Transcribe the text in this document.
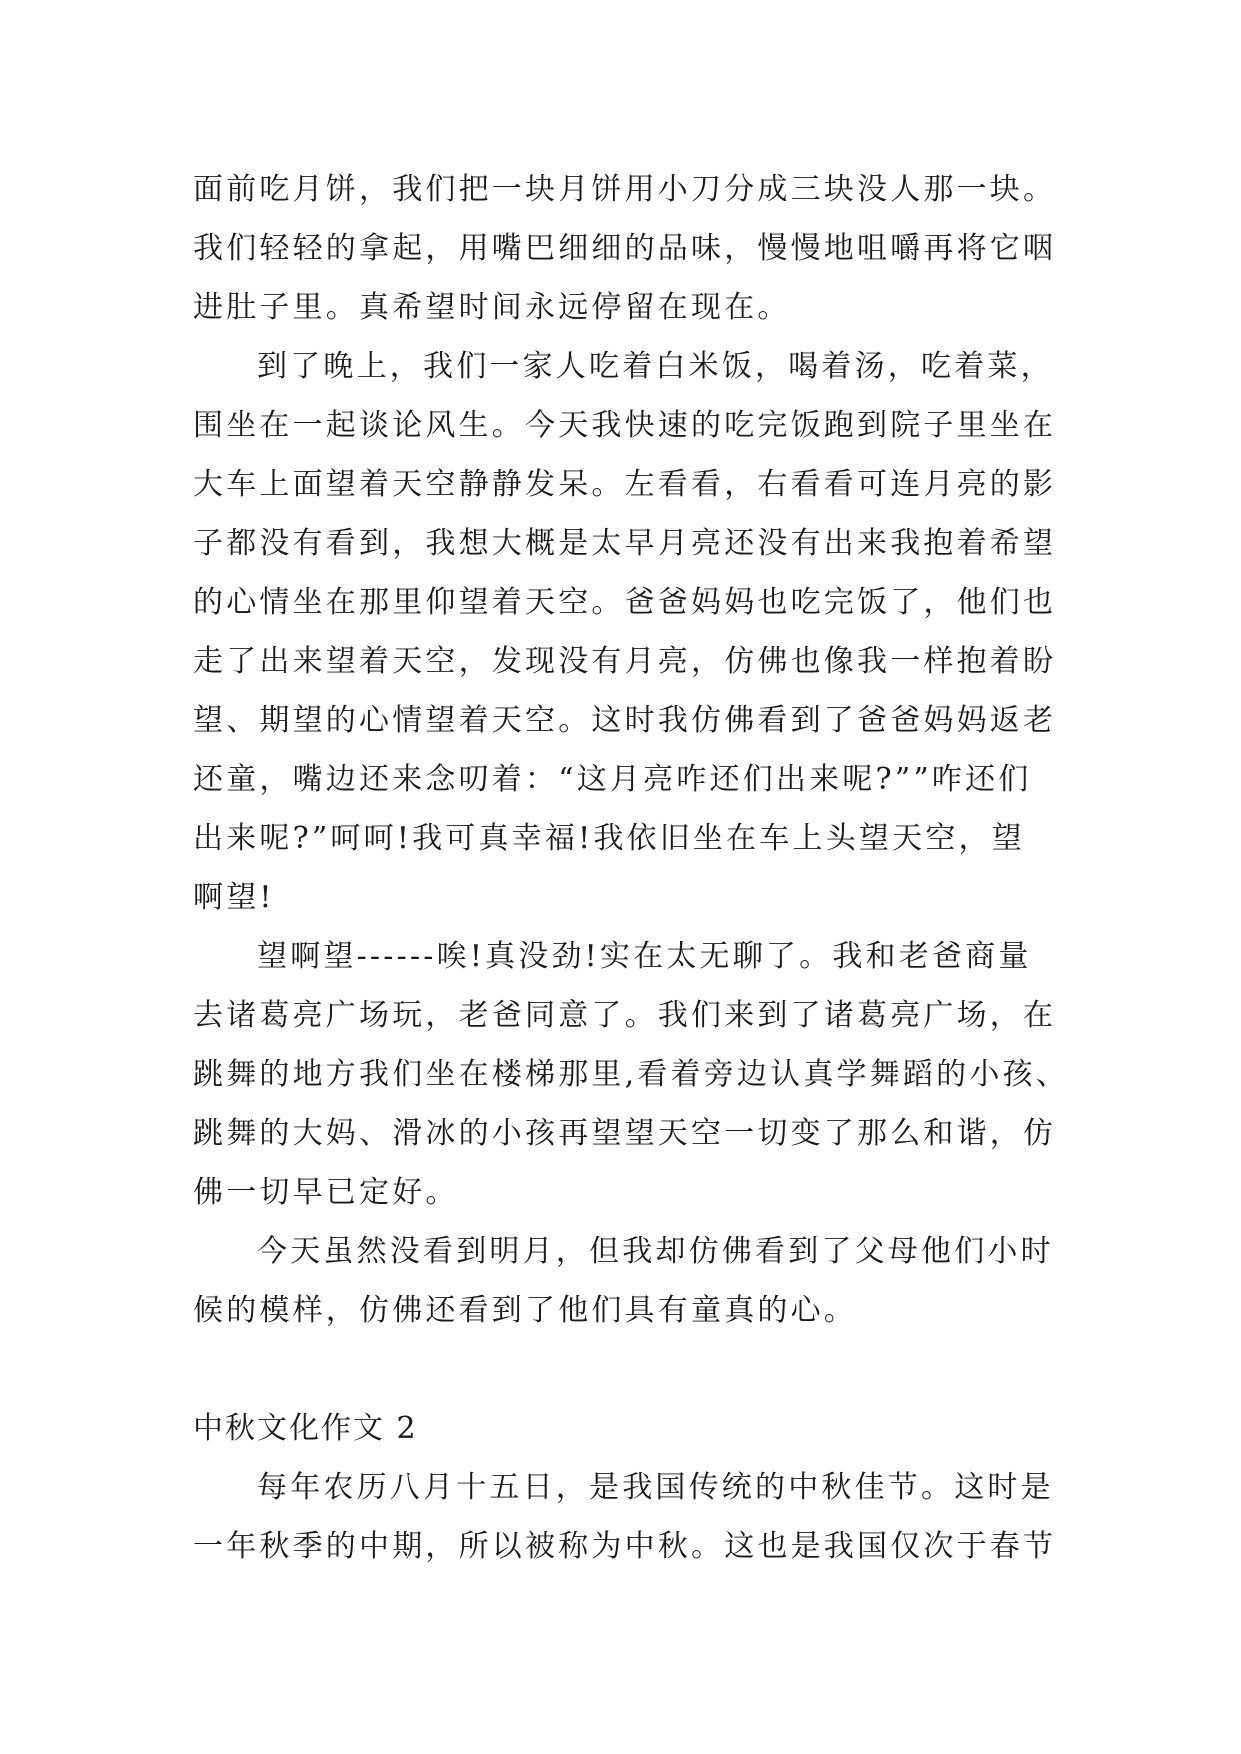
面前吃月饼，我们把一块月饼用小刀分成三块没人那一块。
我们轻轻的拿起，用嘴巴细细的品味，慢慢地咀嚼再将它咽
进肚子里。真希望时间永远停留在现在。
到了晚上，我们一家人吃着白米饭，喝着汤，吃着菜，
围坐在一起谈论风生。今天我快速的吃完饭跑到院子里坐在
大车上面望着天空静静发呆。左看看，右看看可连月亮的影
子都没有看到，我想大概是太早月亮还没有出来我抱着希望
的心情坐在那里仰望着天空。爸爸妈妈也吃完饭了，他们也
走了出来望着天空，发现没有月亮，仿佛也像我一样抱着盼
望、期望的心情望着天空。这时我仿佛看到了爸爸妈妈返老
还童，嘴边还来念叨着：“这月亮咋还们出来呢?””咋还们
出来呢?”呵呵!我可真幸福!我依旧坐在车上头望天空，望
啊望!
望啊望------唉!真没劲!实在太无聊了。我和老爸商量
去诸葛亮广场玩，老爸同意了。我们来到了诸葛亮广场，在
跳舞的地方我们坐在楼梯那里,看着旁边认真学舞蹈的小孩、
跳舞的大妈、滑冰的小孩再望望天空一切变了那么和谐，仿
佛一切早已定好。
今天虽然没看到明月，但我却仿佛看到了父母他们小时
候的模样，仿佛还看到了他们具有童真的心。
中秋文化作文 2
每年农历八月十五日，是我国传统的中秋佳节。这时是
一年秋季的中期，所以被称为中秋。这也是我国仅次于春节
